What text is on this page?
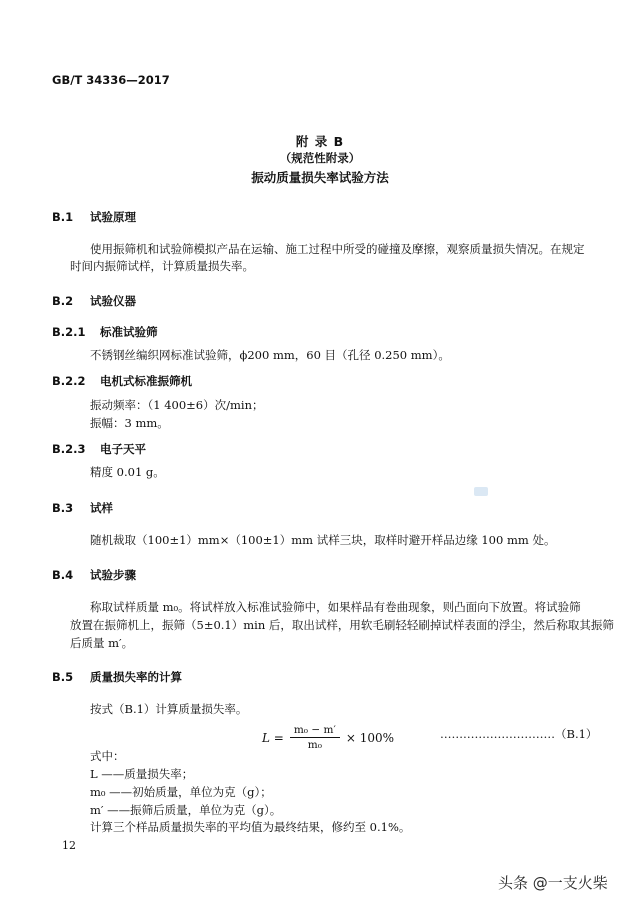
GB/T 34336—2017
附 录 B
（规范性附录）
振动质量损失率试验方法
B.1 试验原理
使用振筛机和试验筛模拟产品在运输、施工过程中所受的碰撞及摩擦，观察质量损失情况。在规定
时间内振筛试样，计算质量损失率。
B.2 试验仪器
B.2.1 标准试验筛
不锈钢丝编织网标准试验筛，ϕ200 mm，60 目（孔径 0.250 mm）。
B.2.2 电机式标准振筛机
振动频率：（1 400±6）次/min；
振幅：3 mm。
B.2.3 电子天平
精度 0.01 g。
B.3 试样
随机裁取（100±1）mm×（100±1）mm 试样三块，取样时避开样品边缘 100 mm 处。
B.4 试验步骤
称取试样质量 m₀。将试样放入标准试验筛中，如果样品有卷曲现象，则凸面向下放置。将试验筛
放置在振筛机上，振筛（5±0.1）min 后，取出试样，用软毛刷轻轻刷掉试样表面的浮尘，然后称取其振筛
后质量 m′。
B.5 质量损失率的计算
按式（B.1）计算质量损失率。
$L = \frac{\text{m₀ − m′}}{\text{m₀}} \times 100\%$	…………………………（B.1）
式中：
L ——质量损失率；
m₀ ——初始质量，单位为克（g）；
m′ ——振筛后质量，单位为克（g）。
计算三个样品质量损失率的平均值为最终结果，修约至 0.1%。
12
头条 @一支火柴
